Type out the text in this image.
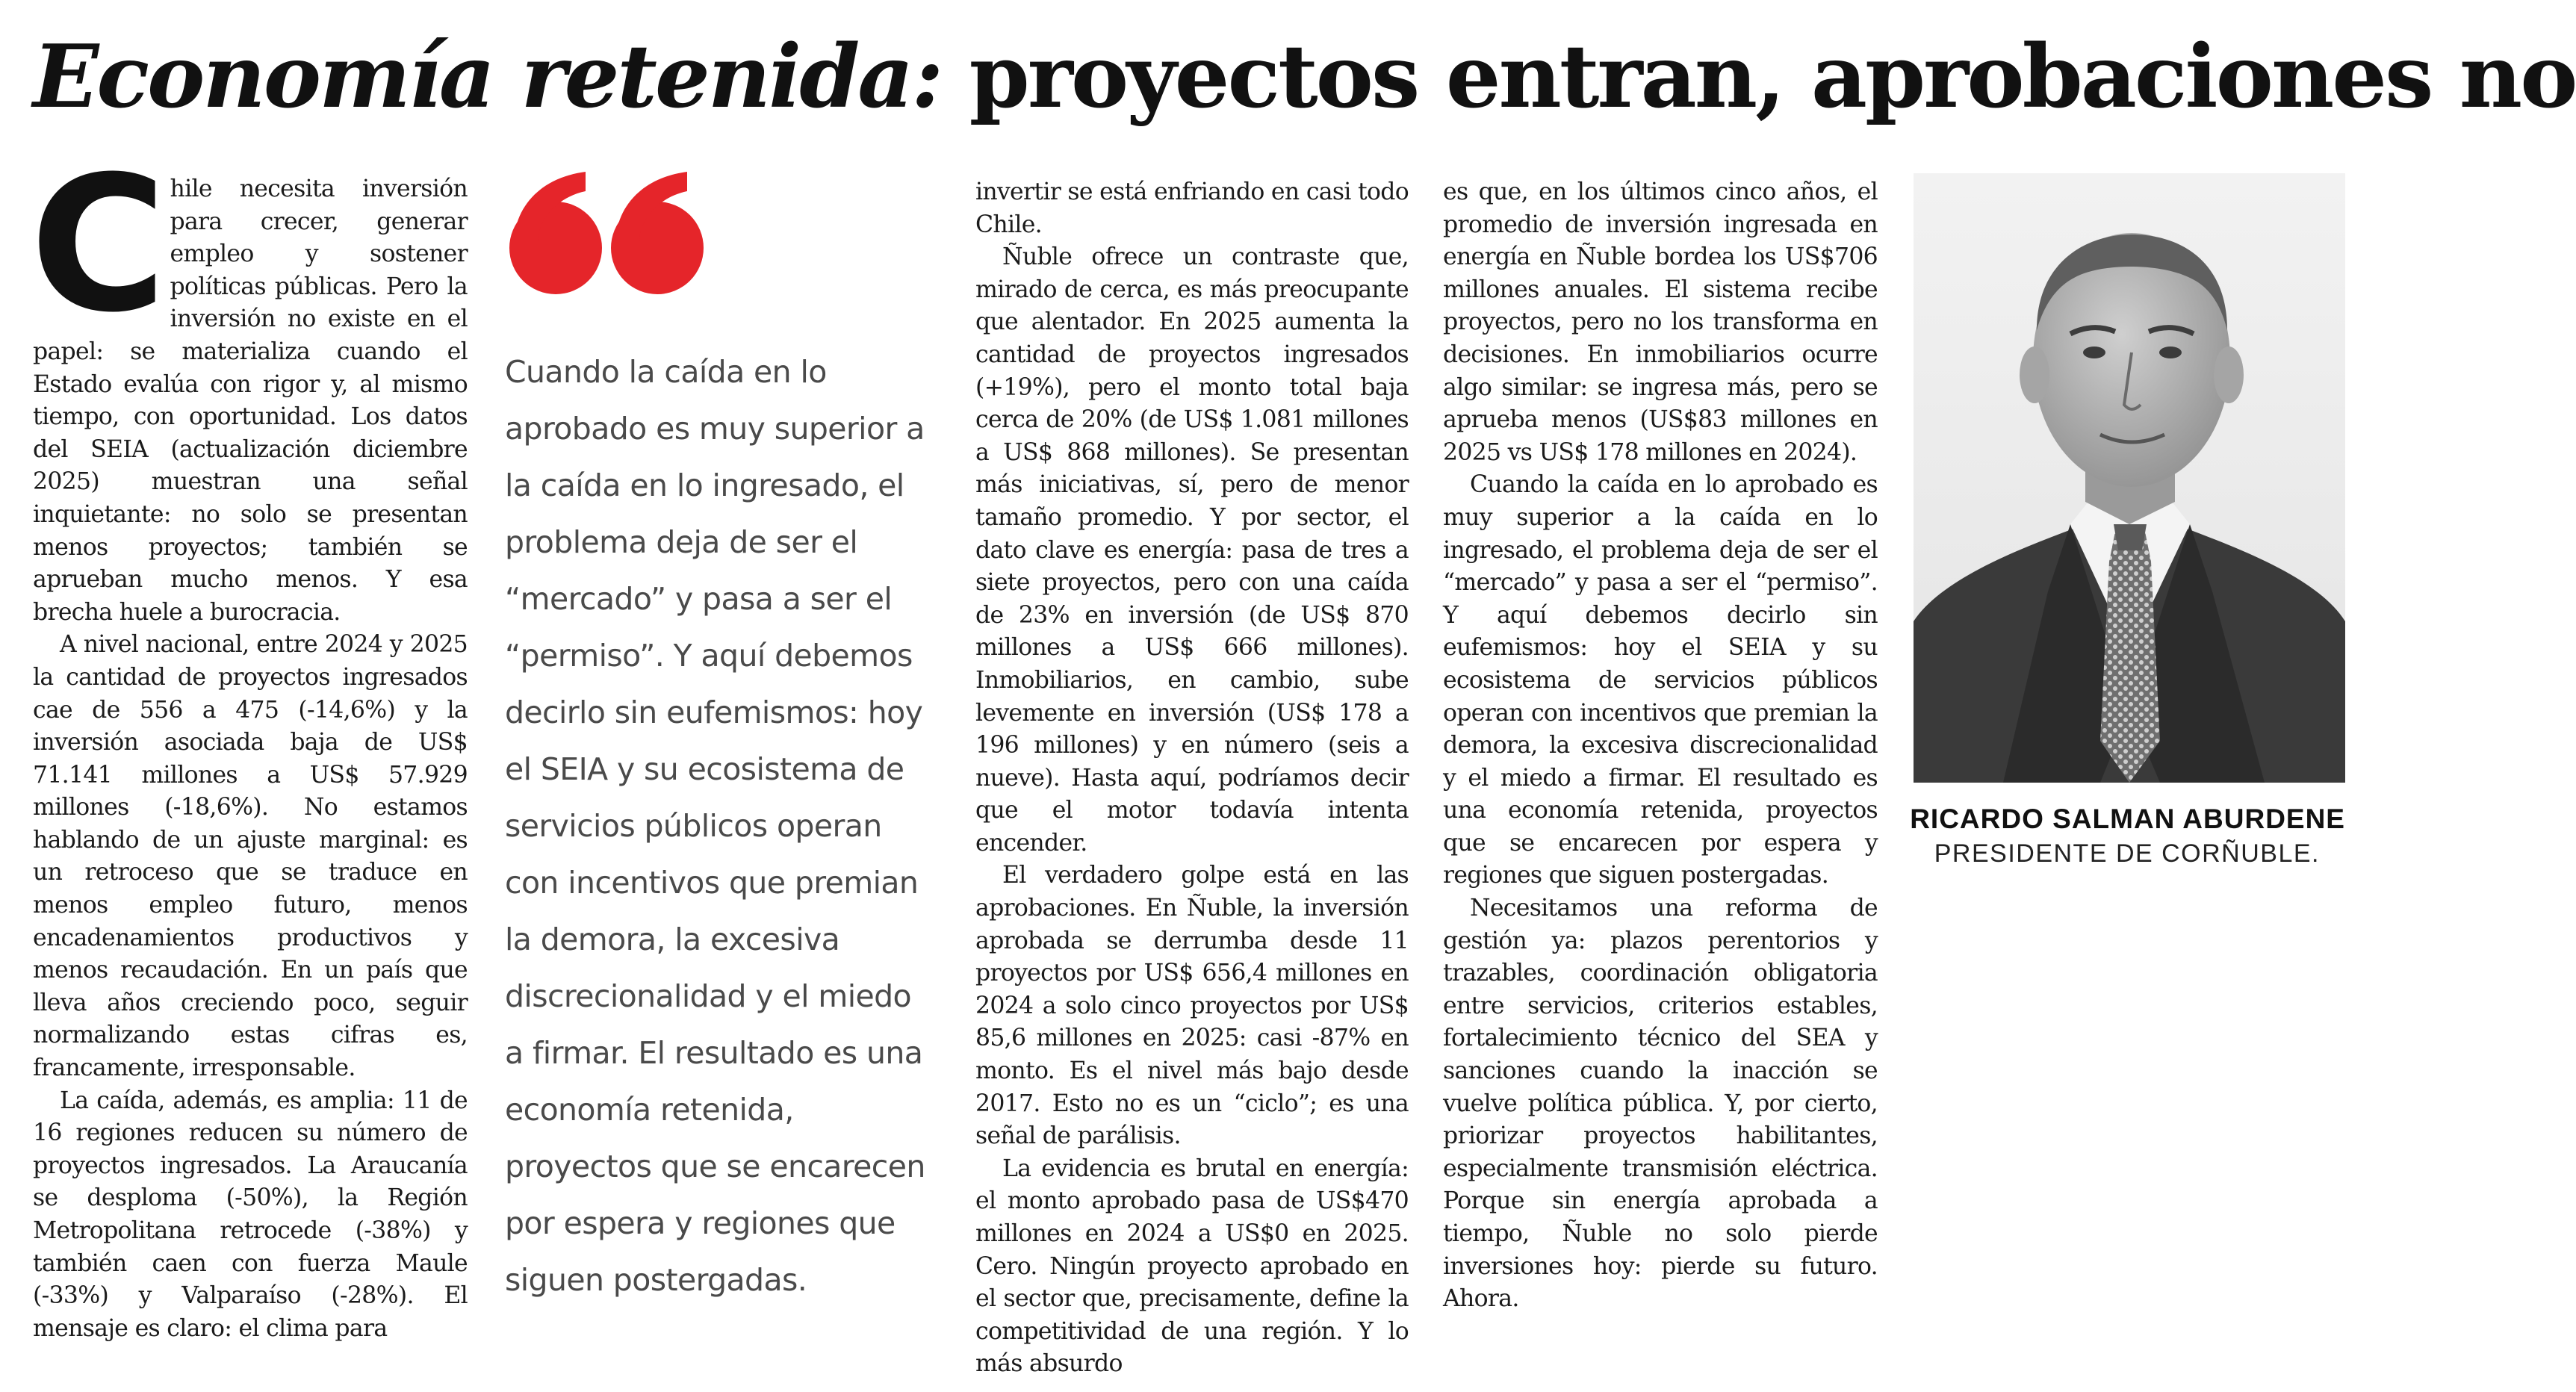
Economía retenida: proyectos entran, aprobaciones no
C hile necesita inversión para crecer, generar empleo y sostener políticas públicas. Pero la inversión no existe en el papel: se materializa cuando el Estado evalúa con rigor y, al mismo tiempo, con oportunidad. Los datos del SEIA (actualización diciembre 2025) muestran una señal inquietante: no solo se presentan menos proyectos; también se aprueban mucho menos. Y esa brecha huele a burocracia.

A nivel nacional, entre 2024 y 2025 la cantidad de proyectos ingresados cae de 556 a 475 (-14,6%) y la inversión asociada baja de US$ 71.141 millones a US$ 57.929 millones (-18,6%). No estamos hablando de un ajuste marginal: es un retroceso que se traduce en menos empleo futuro, menos encadenamientos productivos y menos recaudación. En un país que lleva años creciendo poco, seguir normalizando estas cifras es, francamente, irresponsable.

La caída, además, es amplia: 11 de 16 regiones reducen su número de proyectos ingresados. La Araucanía se desploma (-50%), la Región Metropolitana retrocede (-38%) y también caen con fuerza Maule (-33%) y Valparaíso (-28%). El mensaje es claro: el clima para

Cuando la caída en lo aprobado es muy superior a la caída en lo ingresado, el problema deja de ser el “mercado” y pasa a ser el “permiso”. Y aquí debemos decirlo sin eufemismos: hoy el SEIA y su ecosistema de servicios públicos operan con incentivos que premian la demora, la excesiva discrecionalidad y el miedo a firmar. El resultado es una economía retenida, proyectos que se encarecen por espera y regiones que siguen postergadas.

invertir se está enfriando en casi todo Chile.

Ñuble ofrece un contraste que, mirado de cerca, es más preocupante que alentador. En 2025 aumenta la cantidad de proyectos ingresados (+19%), pero el monto total baja cerca de 20% (de US$ 1.081 millones a US$ 868 millones). Se presentan más iniciativas, sí, pero de menor tamaño promedio. Y por sector, el dato clave es energía: pasa de tres a siete proyectos, pero con una caída de 23% en inversión (de US$ 870 millones a US$ 666 millones). Inmobiliarios, en cambio, sube levemente en inversión (US$ 178 a 196 millones) y en número (seis a nueve). Hasta aquí, podríamos decir que el motor todavía intenta encender.

El verdadero golpe está en las aprobaciones. En Ñuble, la inversión aprobada se derrumba desde 11 proyectos por US$ 656,4 millones en 2024 a solo cinco proyectos por US$ 85,6 millones en 2025: casi -87% en monto. Es el nivel más bajo desde 2017. Esto no es un “ciclo”; es una señal de parálisis.

La evidencia es brutal en energía: el monto aprobado pasa de US$470 millones en 2024 a US$0 en 2025. Cero. Ningún proyecto aprobado en el sector que, precisamente, define la competitividad de una región. Y lo más absurdo

es que, en los últimos cinco años, el promedio de inversión ingresada en energía en Ñuble bordea los US$706 millones anuales. El sistema recibe proyectos, pero no los transforma en decisiones. En inmobiliarios ocurre algo similar: se ingresa más, pero se aprueba menos (US$83 millones en 2025 vs US$ 178 millones en 2024).

Cuando la caída en lo aprobado es muy superior a la caída en lo ingresado, el problema deja de ser el “mercado” y pasa a ser el “permiso”. Y aquí debemos decirlo sin eufemismos: hoy el SEIA y su ecosistema de servicios públicos operan con incentivos que premian la demora, la excesiva discrecionalidad y el miedo a firmar. El resultado es una economía retenida, proyectos que se encarecen por espera y regiones que siguen postergadas.

Necesitamos una reforma de gestión ya: plazos perentorios y trazables, coordinación obligatoria entre servicios, criterios estables, fortalecimiento técnico del SEA y sanciones cuando la inacción se vuelve política pública. Y, por cierto, priorizar proyectos habilitantes, especialmente transmisión eléctrica. Porque sin energía aprobada a tiempo, Ñuble no solo pierde inversiones hoy: pierde su futuro. Ahora.

RICARDO SALMAN ABURDENE
PRESIDENTE DE CORÑUBLE.
